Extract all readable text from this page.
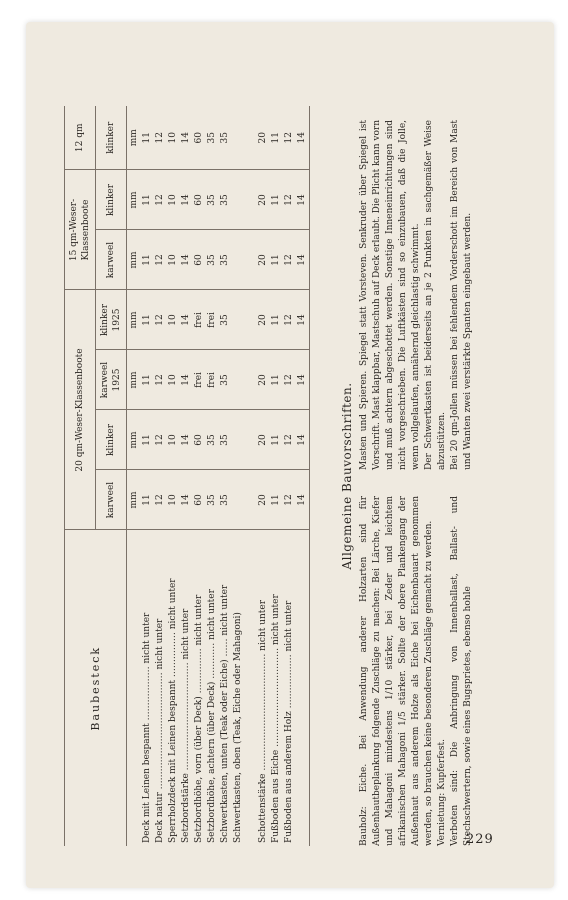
Baubesteck	20 qm-Weser-Klassenboote				15 qm-Weser-Klassenboote		12 qm
	karweel	klinker	karweel 1925	klinker 1925	karweel	klinker	klinker
	mm	mm	mm	mm	mm	mm	mm
Deck mit Leinen bespannt ……………… nicht unter	11	11	11	11	11	11	11
Deck natur ………………………………… nicht unter	12	12	12	12	12	12	12
Sperrholzdeck mit Leinen bespannt …………… nicht unter	10	10	10	10	10	10	10
Setzbordstärke ……………………………… nicht unter	14	14	14	14	14	14	14
Setzbordhöhe, vorn (über Deck) …………… nicht unter	60	60	frei	frei	60	60	60
Setzbordhöhe, achtern (über Deck) ………… nicht unter	35	35	frei	frei	35	35	35
Schwertkasten, unten (Teak oder Eiche) …… nicht unter	35	35	35	35	35	35	35
Schwertkasten, oben (Teak, Eiche oder Mahagoni)							

Schottenstärke ………………………………… nicht unter	20	20	20	20	20	20	20
Fußboden aus Eiche …………………………… nicht unter	11	11	11	11	11	11	11
Fußboden aus anderem Holz ……………… nicht unter	12	12	12	12	12	12	12
	14	14	14	14	14	14	14
Allgemeine Bauvorschriften.

Bauholz: Eiche. Bei Anwendung anderer Holzarten sind für Außenhautbeplankung folgende Zuschläge zu machen: Bei Lärche, Kiefer und Mahagoni mindestens 1/10 stärker, bei Zeder und leichtem afrikanischen Mahagoni 1/5 stärker. Sollte der obere Plankengang der Außenhaut aus anderem Holze als Eiche bei Eichenbauart genommen werden, so brauchen keine besonderen Zuschläge gemacht zu werden. Vernietung: Kupferfest. Verboten sind: Die Anbringung von Innenballast, Ballast- und Stechschwertern, sowie eines Bugsprietes, ebenso hohle

Masten und Spieren. Spiegel statt Vorsteven. Senkruder über Spiegel ist Vorschrift. Mast klappbar, Mastschuh auf Deck erlaubt. Die Plicht kann vorn und muß achtern abgeschottet werden. Sonstige Inneneinrichtungen sind nicht vorgeschrieben. Die Luftkästen sind so einzubauen, daß die Jolle, wenn vollgelaufen, annähernd gleichlastig schwimmt. Der Schwertkasten ist beiderseits an je 2 Punkten in sachgemäßer Weise abzustützen. Bei 20 qm-Jollen müssen bei fehlendem Vorderschott im Bereich von Mast und Wanten zwei verstärkte Spanten eingebaut werden.

229
